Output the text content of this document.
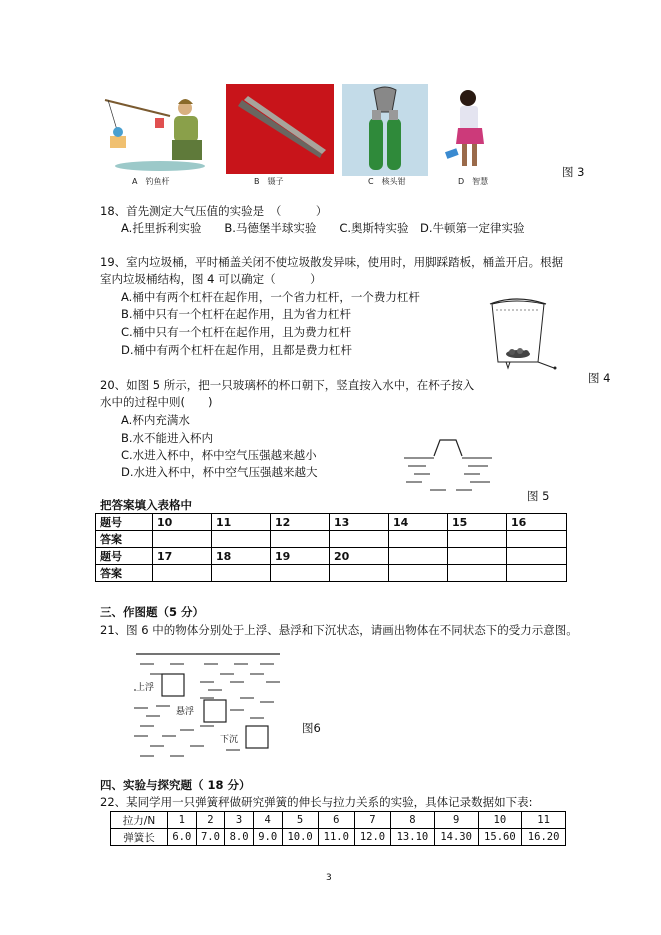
A　钓鱼杆	B　镊子	C　核头钳	D　智慧
图 3
18、首先测定大气压值的实验是　（　　　）
A.托里拆利实验　　B.马德堡半球实验　　C.奥斯特实验　D.牛顿第一定律实验
19、室内垃圾桶，平时桶盖关闭不使垃圾散发异味，使用时，用脚踩踏板，桶盖开启。根据
室内垃圾桶结构，图 4 可以确定（　　　）
A.桶中有两个杠杆在起作用，一个省力杠杆，一个费力杠杆
B.桶中只有一个杠杆在起作用，且为省力杠杆
C.桶中只有一个杠杆在起作用，且为费力杠杆
D.桶中有两个杠杆在起作用，且都是费力杠杆
图 4
20、如图 5 所示，把一只玻璃杯的杯口朝下，竖直按入水中，在杯子按入
水中的过程中则(　　)
A.杯内充满水
B.水不能进入杯内
C.水进入杯中，杯中空气压强越来越小
D.水进入杯中，杯中空气压强越来越大
图 5
把答案填入表格中
题号	10	11	12	13	14	15	16
答案							
题号	17	18	19	20			
答案							
三、作图题（5 分）
21、图 6 中的物体分别处于上浮、悬浮和下沉状态，请画出物体在不同状态下的受力示意图。
上浮
悬浮
下沉
图6
四、实验与探究题（ 18 分）
22、某同学用一只弹簧秤做研究弹簧的伸长与拉力关系的实验，具体记录数据如下表:
拉力/N	1	2	3	4	5	6	7	8	9	10	11
弹簧长	6.0	7.0	8.0	9.0	10.0	11.0	12.0	13.10	14.30	15.60	16.20
3
